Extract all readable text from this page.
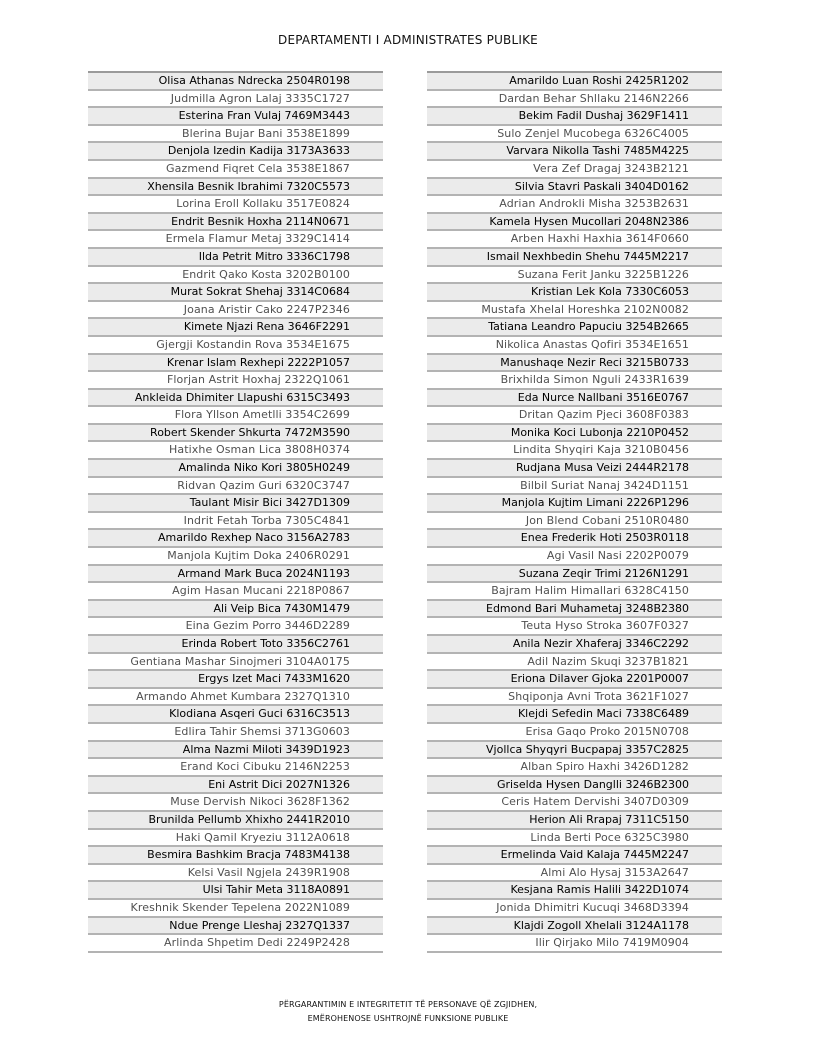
DEPARTAMENTI I ADMINISTRATES PUBLIKE
Olisa Athanas Ndrecka 2504R0198
Judmilla Agron Lalaj 3335C1727
Esterina Fran Vulaj 7469M3443
Blerina Bujar Bani 3538E1899
Denjola Izedin Kadija 3173A3633
Gazmend Fiqret Cela 3538E1867
Xhensila Besnik Ibrahimi 7320C5573
Lorina Eroll Kollaku 3517E0824
Endrit Besnik Hoxha 2114N0671
Ermela Flamur Metaj 3329C1414
Ilda Petrit Mitro 3336C1798
Endrit Qako Kosta 3202B0100
Murat Sokrat Shehaj 3314C0684
Joana Aristir Cako 2247P2346
Kimete Njazi Rena 3646F2291
Gjergji Kostandin Rova 3534E1675
Krenar Islam Rexhepi 2222P1057
Florjan Astrit Hoxhaj 2322Q1061
Ankleida Dhimiter Llapushi 6315C3493
Flora Yllson Ametlli 3354C2699
Robert Skender Shkurta 7472M3590
Hatixhe Osman Lica 3808H0374
Amalinda Niko Kori 3805H0249
Ridvan Qazim Guri 6320C3747
Taulant Misir Bici 3427D1309
Indrit Fetah Torba 7305C4841
Amarildo Rexhep Naco 3156A2783
Manjola Kujtim Doka 2406R0291
Armand Mark Buca 2024N1193
Agim Hasan Mucani 2218P0867
Ali Veip Bica 7430M1479
Eina Gezim Porro 3446D2289
Erinda Robert Toto 3356C2761
Gentiana Mashar Sinojmeri 3104A0175
Ergys Izet Maci 7433M1620
Armando Ahmet Kumbara 2327Q1310
Klodiana Asqeri Guci 6316C3513
Edlira Tahir Shemsi 3713G0603
Alma Nazmi Miloti 3439D1923
Erand Koci Cibuku 2146N2253
Eni Astrit Dici 2027N1326
Muse Dervish Nikoci 3628F1362
Brunilda Pellumb Xhixho 2441R2010
Haki Qamil Kryeziu 3112A0618
Besmira Bashkim Bracja 7483M4138
Kelsi Vasil Ngjela 2439R1908
Ulsi Tahir Meta 3118A0891
Kreshnik Skender Tepelena 2022N1089
Ndue Prenge Lleshaj 2327Q1337
Arlinda Shpetim Dedi 2249P2428
Amarildo Luan Roshi 2425R1202
Dardan Behar Shllaku 2146N2266
Bekim Fadil Dushaj 3629F1411
Sulo Zenjel Mucobega 6326C4005
Varvara Nikolla Tashi 7485M4225
Vera Zef Dragaj 3243B2121
Silvia Stavri Paskali 3404D0162
Adrian Androkli Misha 3253B2631
Kamela Hysen Mucollari 2048N2386
Arben Haxhi Haxhia 3614F0660
Ismail Nexhbedin Shehu 7445M2217
Suzana Ferit Janku 3225B1226
Kristian Lek Kola 7330C6053
Mustafa Xhelal Horeshka 2102N0082
Tatiana Leandro Papuciu 3254B2665
Nikolica Anastas Qofiri 3534E1651
Manushaqe Nezir Reci 3215B0733
Brixhilda Simon Nguli 2433R1639
Eda Nurce Nallbani 3516E0767
Dritan Qazim Pjeci 3608F0383
Monika Koci Lubonja 2210P0452
Lindita Shyqiri Kaja 3210B0456
Rudjana Musa Veizi 2444R2178
Bilbil Suriat Nanaj 3424D1151
Manjola Kujtim Limani 2226P1296
Jon Blend Cobani 2510R0480
Enea Frederik Hoti 2503R0118
Agi Vasil Nasi 2202P0079
Suzana Zeqir Trimi 2126N1291
Bajram Halim Himallari 6328C4150
Edmond Bari Muhametaj 3248B2380
Teuta Hyso Stroka 3607F0327
Anila Nezir Xhaferaj 3346C2292
Adil Nazim Skuqi 3237B1821
Eriona Dilaver Gjoka 2201P0007
Shqiponja Avni Trota 3621F1027
Klejdi Sefedin Maci 7338C6489
Erisa Gaqo Proko 2015N0708
Vjollca Shyqyri Bucpapaj 3357C2825
Alban Spiro Haxhi 3426D1282
Griselda Hysen Danglli 3246B2300
Ceris Hatem Dervishi 3407D0309
Herion Ali Rrapaj 7311C5150
Linda Berti Poce 6325C3980
Ermelinda Vaid Kalaja 7445M2247
Almi Alo Hysaj 3153A2647
Kesjana Ramis Halili 3422D1074
Jonida Dhimitri Kucuqi 3468D3394
Klajdi Zogoll Xhelali 3124A1178
Ilir Qirjako Milo 7419M0904
PËRGARANTIMIN E INTEGRITETIT TË PERSONAVE QË ZGJIDHEN,
EMËROHENOSE USHTROJNË FUNKSIONE PUBLIKE
